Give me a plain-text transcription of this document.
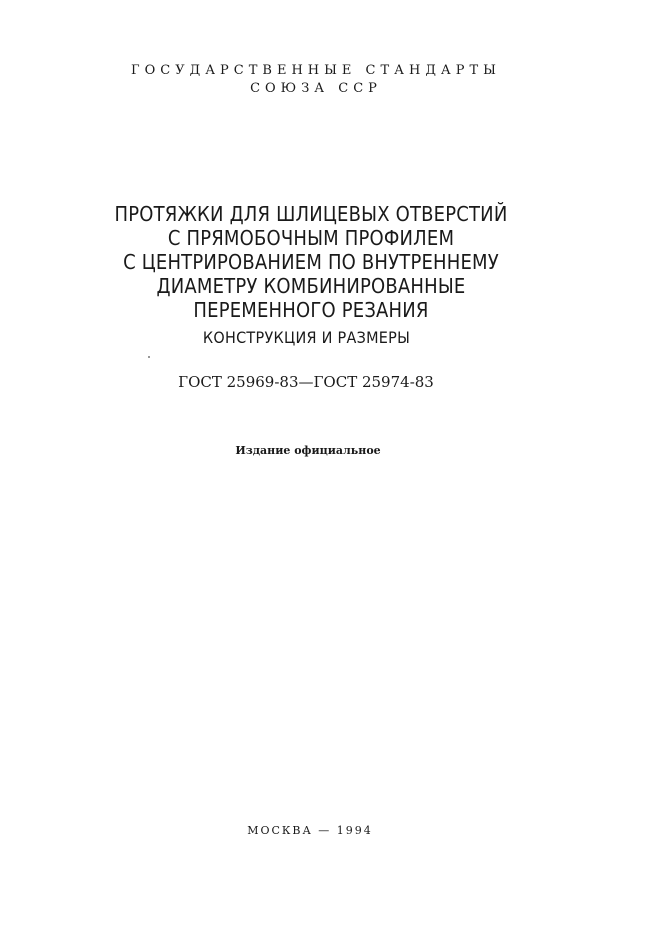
ГОСУДАРСТВЕННЫЕ СТАНДАРТЫ
СОЮЗА ССР
ПРОТЯЖКИ ДЛЯ ШЛИЦЕВЫХ ОТВЕРСТИЙ
С ПРЯМОБОЧНЫМ ПРОФИЛЕМ
С ЦЕНТРИРОВАНИЕМ ПО ВНУТРЕННЕМУ
ДИАМЕТРУ КОМБИНИРОВАННЫЕ
ПЕРЕМЕННОГО РЕЗАНИЯ
КОНСТРУКЦИЯ И РАЗМЕРЫ
ГОСТ 25969-83—ГОСТ 25974-83
Издание официальное
МОСКВА — 1994
